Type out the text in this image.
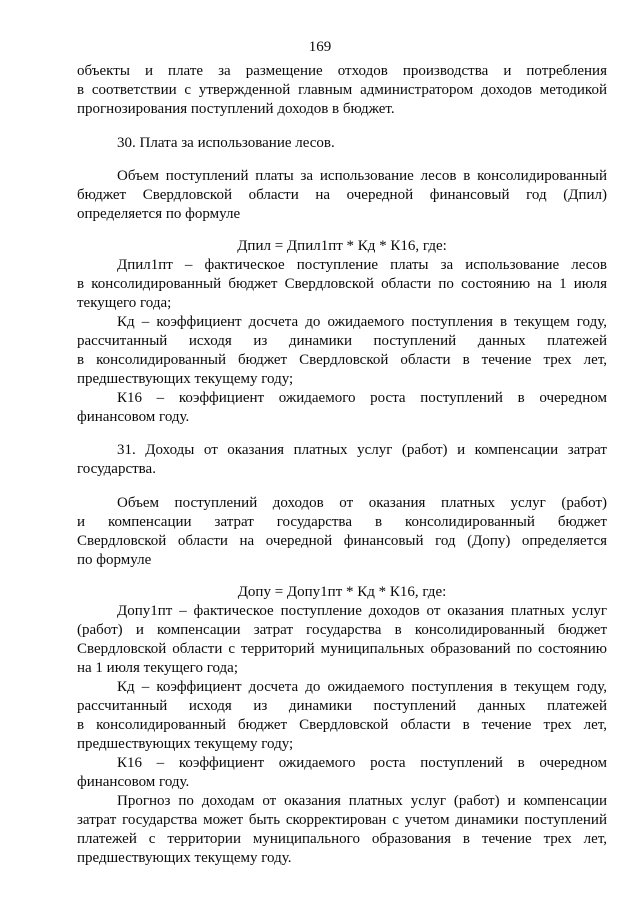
169
объекты и плате за размещение отходов производства и потребления
в соответствии с утвержденной главным администратором доходов методикой
прогнозирования поступлений доходов в бюджет.
30. Плата за использование лесов.
Объем поступлений платы за использование лесов в консолидированный
бюджет Свердловской области на очередной финансовый год (Дпил)
определяется по формуле
Дпил = Дпил1пт * Кд * К16, где:
Дпил1пт – фактическое поступление платы за использование лесов
в консолидированный бюджет Свердловской области по состоянию на 1 июля
текущего года;
Кд – коэффициент досчета до ожидаемого поступления в текущем году,
рассчитанный исходя из динамики поступлений данных платежей
в консолидированный бюджет Свердловской области в течение трех лет,
предшествующих текущему году;
К16 – коэффициент ожидаемого роста поступлений в очередном
финансовом году.
31. Доходы от оказания платных услуг (работ) и компенсации затрат
государства.
Объем поступлений доходов от оказания платных услуг (работ)
и компенсации затрат государства в консолидированный бюджет
Свердловской области на очередной финансовый год (Допу) определяется
по формуле
Допу = Допу1пт * Кд * К16, где:
Допу1пт – фактическое поступление доходов от оказания платных услуг
(работ) и компенсации затрат государства в консолидированный бюджет
Свердловской области с территорий муниципальных образований по состоянию
на 1 июля текущего года;
Кд – коэффициент досчета до ожидаемого поступления в текущем году,
рассчитанный исходя из динамики поступлений данных платежей
в консолидированный бюджет Свердловской области в течение трех лет,
предшествующих текущему году;
К16 – коэффициент ожидаемого роста поступлений в очередном
финансовом году.
Прогноз по доходам от оказания платных услуг (работ) и компенсации
затрат государства может быть скорректирован с учетом динамики поступлений
платежей с территории муниципального образования в течение трех лет,
предшествующих текущему году.
